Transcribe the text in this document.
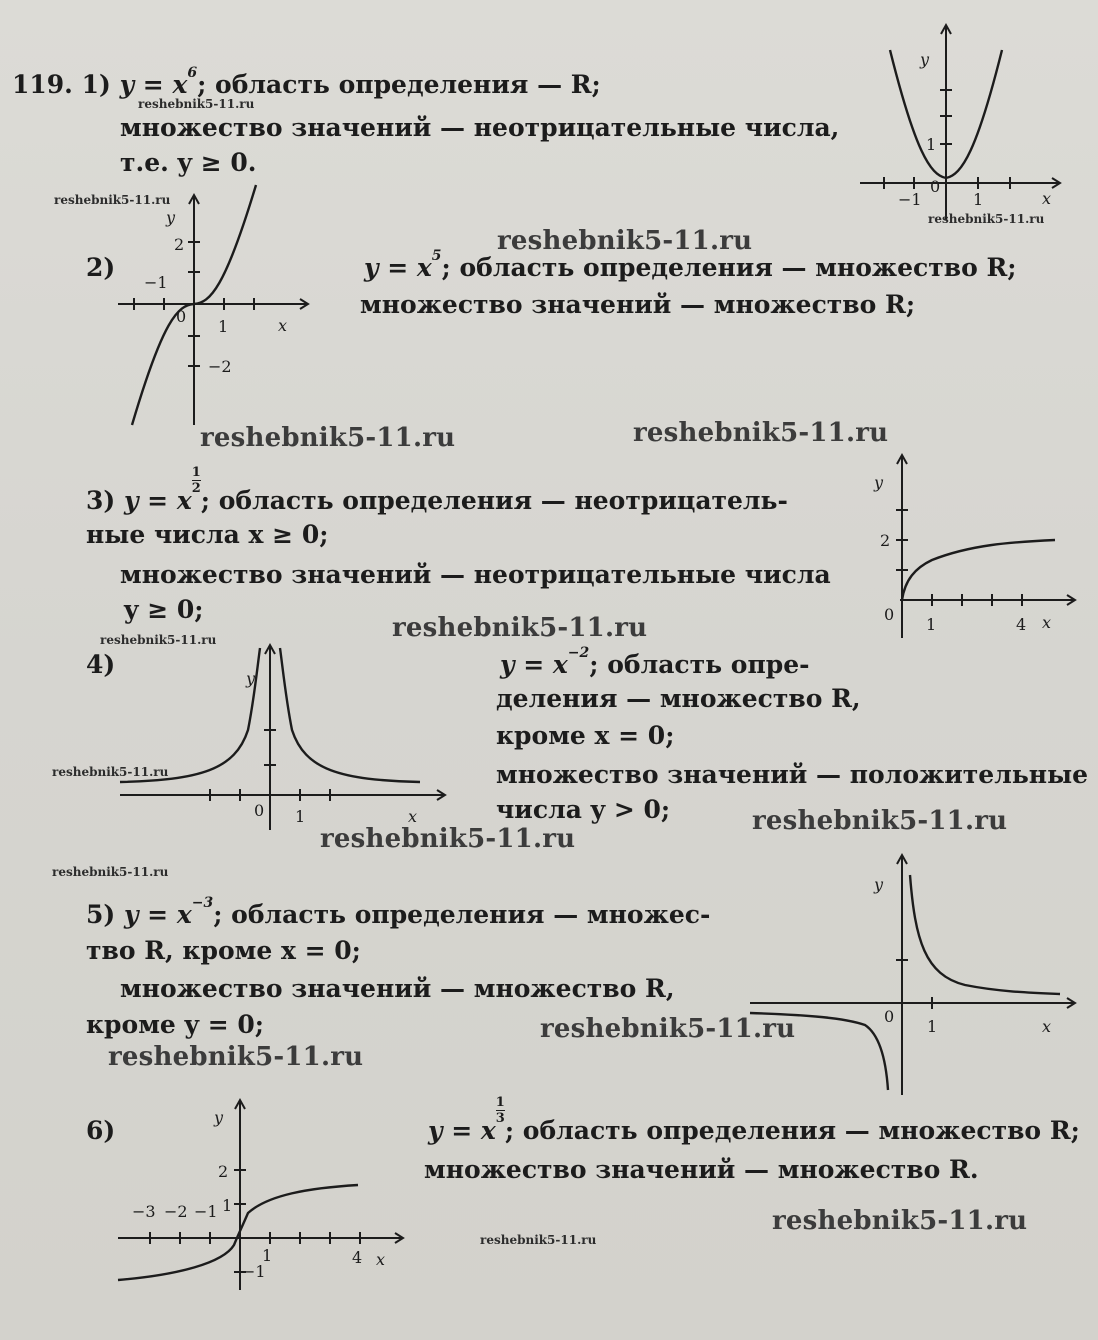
119. 1) $y = x^6$; область определения — R;
множество значений — неотрицательные числа,
т.е. y ≥ 0.
y
x
1
−1
0
1
2)	$y = x^5$; область определения — множество R;
множество значений — множество R;
y
x
2
−1
0
1
−2
3) y = x
$\frac{1}{2}$
; область определения — неотрицатель-
ные числа x ≥ 0;
множество значений — неотрицательные числа
y ≥ 0;
y
x
2
0
1	4
4)	$y = x^{-2}$; область опре-
деления — множество R,
кроме x = 0;
множество значений — положительные
числа y > 0;
y
x
0 1
5) $y = x^{-3}$; область определения — множес-
тво R, кроме x = 0;
множество значений — множество R,
кроме y = 0;
y
x
0
1
6)	y = x
$\frac{1}{3}$
; область определения — множество R;
множество значений — множество R.
y
x
2
1
−3 −2 −1
1	4
−1
reshebnik5-11.ru
reshebnik5-11.ru	reshebnik5-11.ru
reshebnik5-11.ru
reshebnik5-11.ru
reshebnik5-11.ru
reshebnik5-11.ru
reshebnik5-11.ru
reshebnik5-11.ru
reshebnik5-11.ru
reshebnik5-11.ru
reshebnik5-11.ru
reshebnik5-11.ru
reshebnik5-11.ru
reshebnik5-11.ru
reshebnik5-11.ru
